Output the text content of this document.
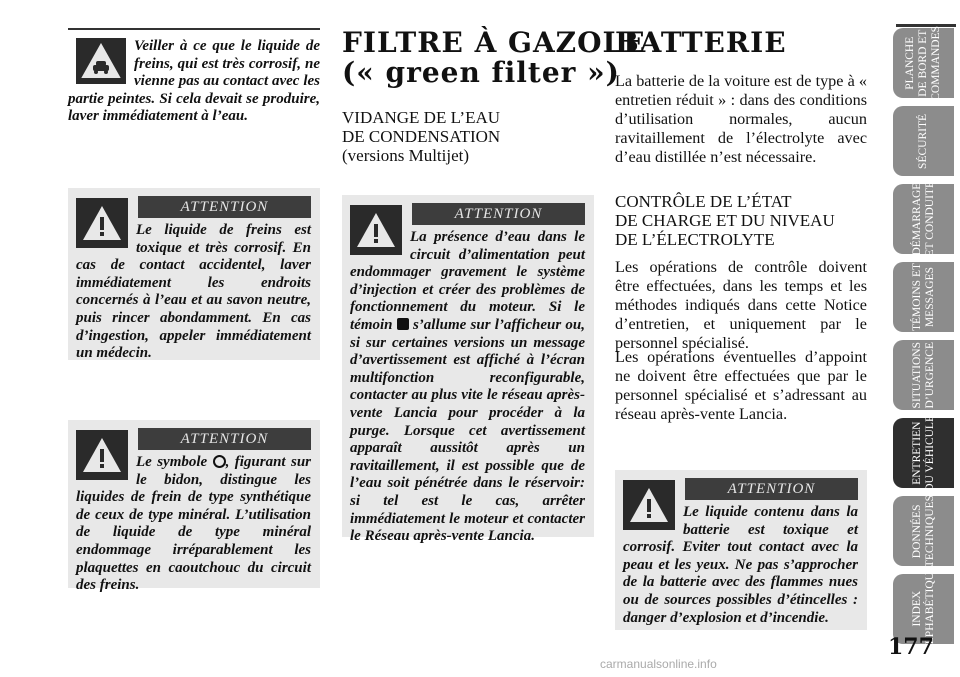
Veiller à ce que le liquide de freins, qui est très corrosif, ne vienne pas au contact avec les partie peintes. Si cela devait se produire, laver immédiatement à l’eau.

ATTENTION

Le liquide de freins est toxique et très corrosif. En cas de contact accidentel, laver immédiatement les endroits concernés à l’eau et au savon neutre, puis rincer abondamment. En cas d’ingestion, appeler immédiatement un médecin.

ATTENTION

Le symbole , figurant sur le bidon, distingue les liquides de frein de type synthétique de ceux de type minéral. L’utilisation de liquide de type minéral endommage irréparablement les plaquettes en caoutchouc du circuit des freins.

FILTRE À GAZOLE
(« green filter »)
VIDANGE DE L’EAU
DE CONDENSATION
(versions Multijet)
ATTENTION

La présence d’eau dans le circuit d’alimentation peut endommager gravement le système d’injection et créer des problèmes de fonctionnement du moteur. Si le témoin  s’allume sur l’afficheur ou, si sur certaines versions un message d’avertissement est affiché à l’écran multifonction reconfigurable, contacter au plus vite le réseau après-vente Lancia pour procéder à la purge. Lorsque cet avertissement apparaît aussitôt après un ravitaillement, il est possible que de l’eau soit pénétrée dans le réservoir: si tel est le cas, arrêter immédiatement le moteur et contacter le Réseau après-vente Lancia.

BATTERIE

La batterie de la voiture est de type à « entretien réduit » : dans des conditions d’utilisation normales, aucun ravitaillement de l’électrolyte avec d’eau distillée n’est nécessaire.

CONTRÔLE DE L’ÉTAT
DE CHARGE ET DU NIVEAU
DE L’ÉLECTROLYTE

Les opérations de contrôle doivent être effectuées, dans les temps et les méthodes indiqués dans cette Notice d’entretien, et uniquement par le personnel spécialisé.

Les opérations éventuelles d’appoint ne doivent être effectuées que par le personnel spécialisé et s’adressant au réseau après-vente Lancia.

ATTENTION

Le liquide contenu dans la batterie est toxique et corrosif. Eviter tout contact avec la peau et les yeux. Ne pas s’approcher de la batterie avec des flammes nues ou de sources possibles d’étincelles : danger d’explosion et d’incendie.

PLANCHE
DE BORD ET
COMMANDES
SÉCURITÉ
DÉMARRAGE
ET CONDUITE
TÉMOINS ET
MESSAGES
SITUATIONS
D’URGENCE
ENTRETIEN
DU VÉHICULE
DONNÉES
TECHNIQUES
INDEX
ALPHABÉTIQUE
177
carmanualsonline.info
